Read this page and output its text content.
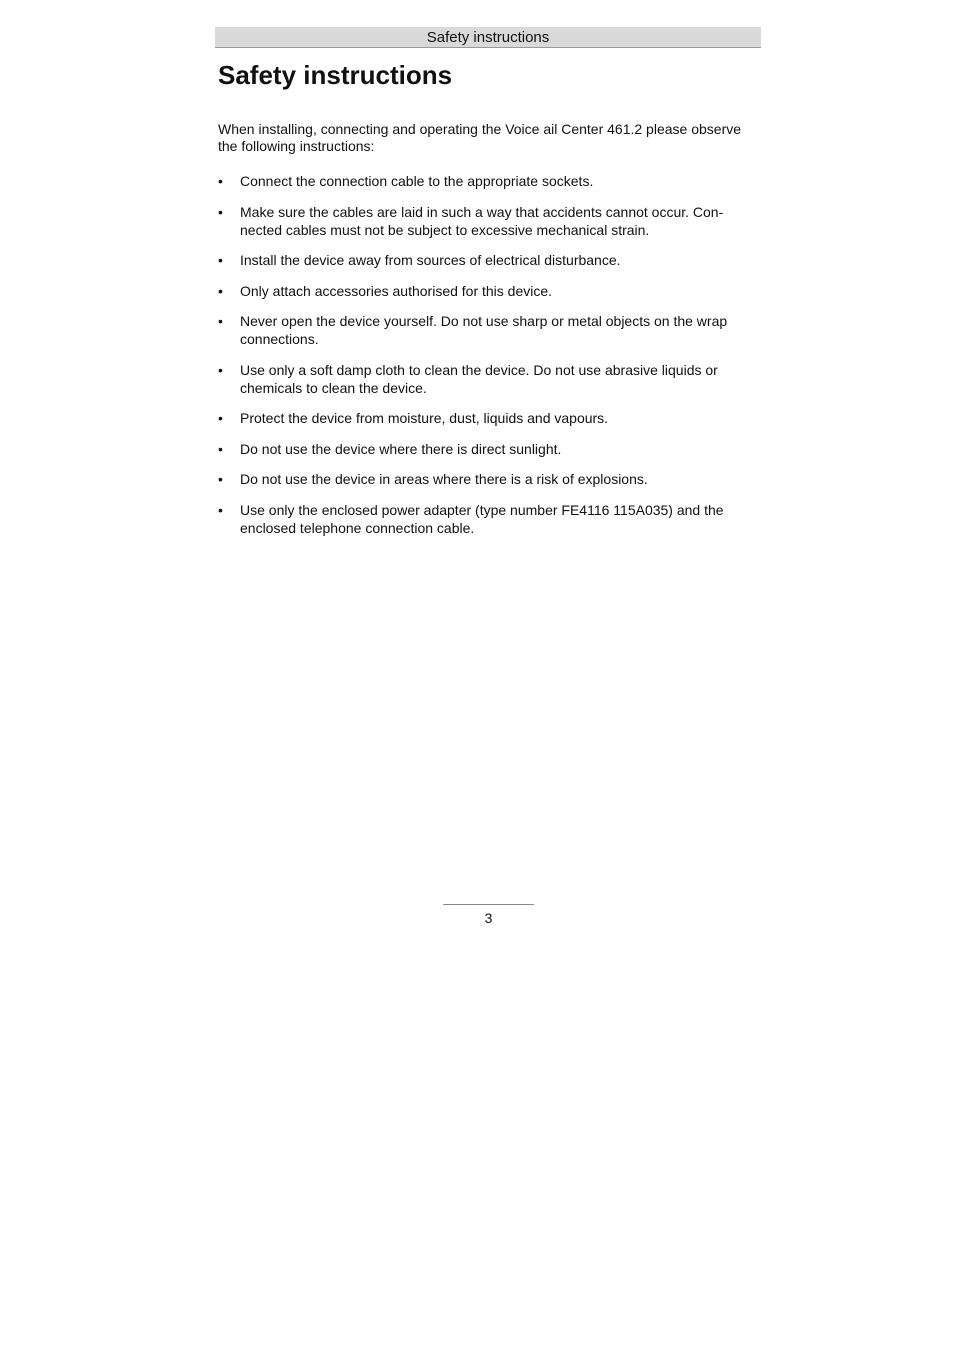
Safety instructions
Safety instructions

When installing, connecting and operating the Voice ail Center 461.2 please observe the following instructions:

•	Connect the connection cable to the appropriate sockets.
•	Make sure the cables are laid in such a way that accidents cannot occur. Con-nected cables must not be subject to excessive mechanical strain.
•	Install the device away from sources of electrical disturbance.
•	Only attach accessories authorised for this device.
•	Never open the device yourself. Do not use sharp or metal objects on the wrap connections.
•	Use only a soft damp cloth to clean the device. Do not use abrasive liquids or chemicals to clean the device.
•	Protect the device from moisture, dust, liquids and vapours.
•	Do not use the device where there is direct sunlight.
•	Do not use the device in areas where there is a risk of explosions.
•	Use only the enclosed power adapter (type number FE4116 115A035) and the enclosed telephone connection cable.
3
